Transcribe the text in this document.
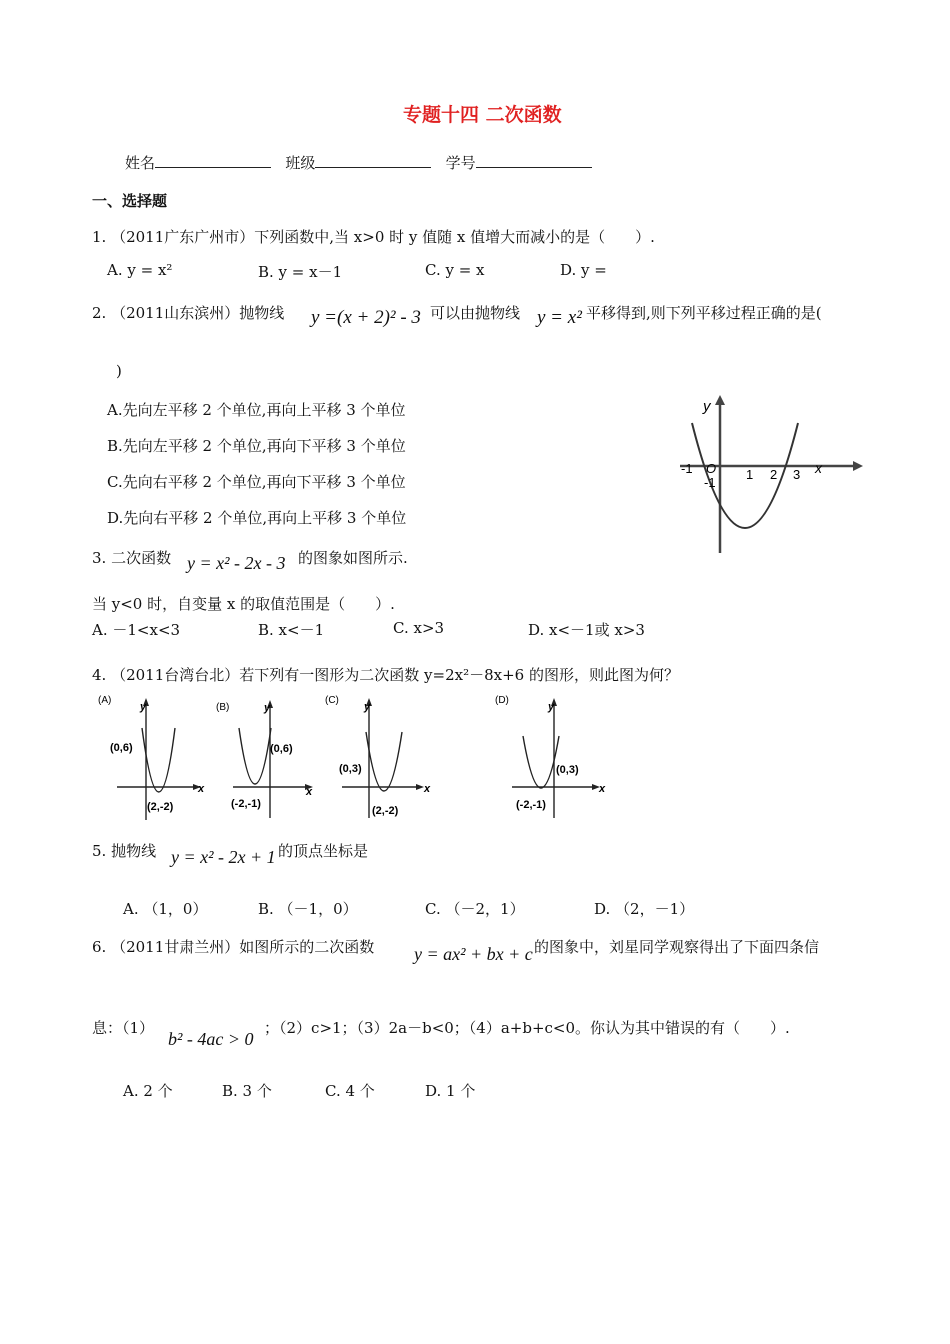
专题十四 二次函数
姓名	班级	学号
一、选择题
1. （2011广东广州市）下列函数中,当 x>0 时 y 值随 x 值增大而减小的是（　　）.
A. y = x²	B. y = x－1	C. y = x	D. y =
2. （2011山东滨州）抛物线 y =(x + 2)² - 3 可以由抛物线 y = x² 平移得到,则下列平移过程正确的是(
)
A.先向左平移 2 个单位,再向上平移 3 个单位
B.先向左平移 2 个单位,再向下平移 3 个单位
C.先向右平移 2 个单位,再向下平移 3 个单位
D.先向右平移 2 个单位,再向上平移 3 个单位
y
x
O
-1	1 2 3
-1
3. 二次函数 y = x² - 2x - 3 的图象如图所示.
当 y<0 时，自变量 x 的取值范围是（　　）.
A. －1<x<3	B. x<－1	C. x>3	D. x<－1或 x>3
4. （2011台湾台北）若下列有一图形为二次函数 y=2x²－8x+6 的图形，则此图为何？
(A)
y
x
(0,6)
(2,-2)
(B)	y
x
(0,6)
(-2,-1)
(C)
y
x
(0,3)
(2,-2)
(D)
y
x
(0,3)
(-2,-1)
5. 抛物线 y = x² - 2x + 1 的顶点坐标是
A. （1，0）	B. （－1，0）	C. （－2，1）	D. （2，－1）
6. （2011甘肃兰州）如图所示的二次函数 y = ax² + bx + c 的图象中，刘星同学观察得出了下面四条信
息：（1）
b² - 4ac > 0
；（2）c>1；（3）2a－b<0；（4）a+b+c<0。你认为其中错误的有（　　）.
A. 2 个	B. 3 个	C. 4 个	D. 1 个
